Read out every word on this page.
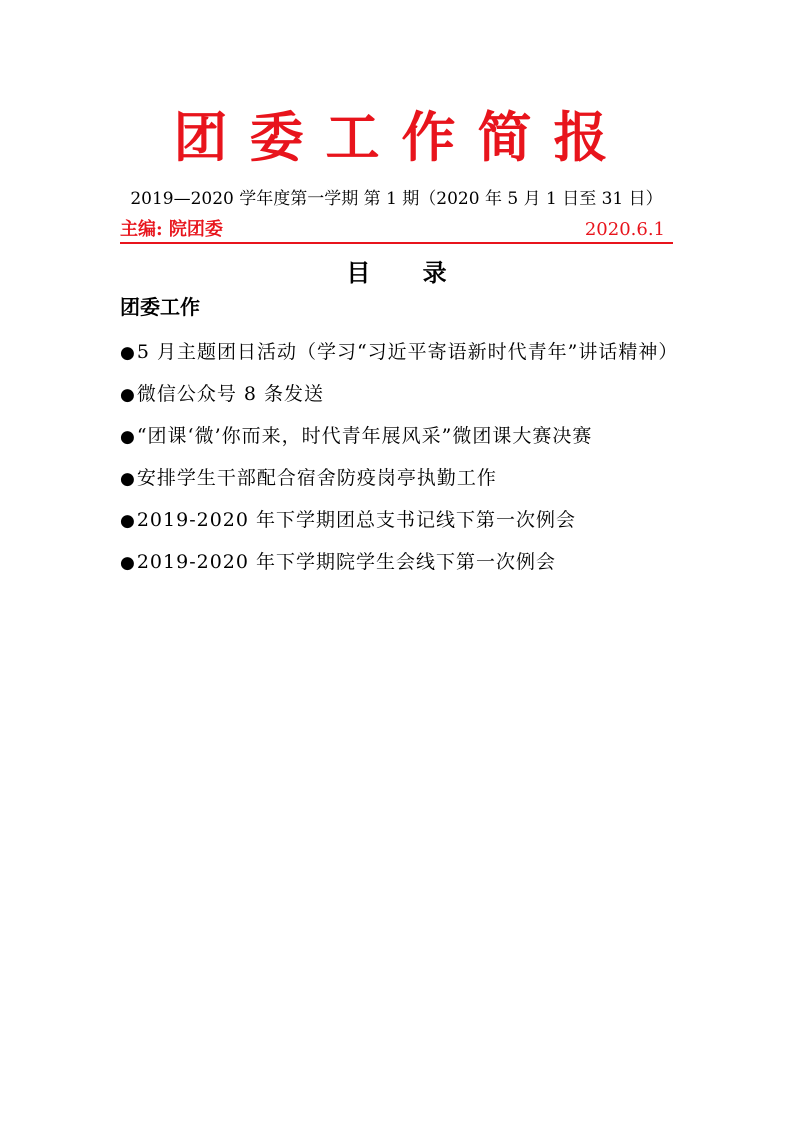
团委工作简报
2019—2020 学年度第一学期 第 1 期（2020 年 5 月 1 日至 31 日）
主编: 院团委	2020.6.1
目 录
团委工作
●5 月主题团日活动（学习“习近平寄语新时代青年”讲话精神）
●微信公众号 8 条发送
●“团课‘微’你而来，时代青年展风采”微团课大赛决赛
●安排学生干部配合宿舍防疫岗亭执勤工作
●2019-2020 年下学期团总支书记线下第一次例会
●2019-2020 年下学期院学生会线下第一次例会
